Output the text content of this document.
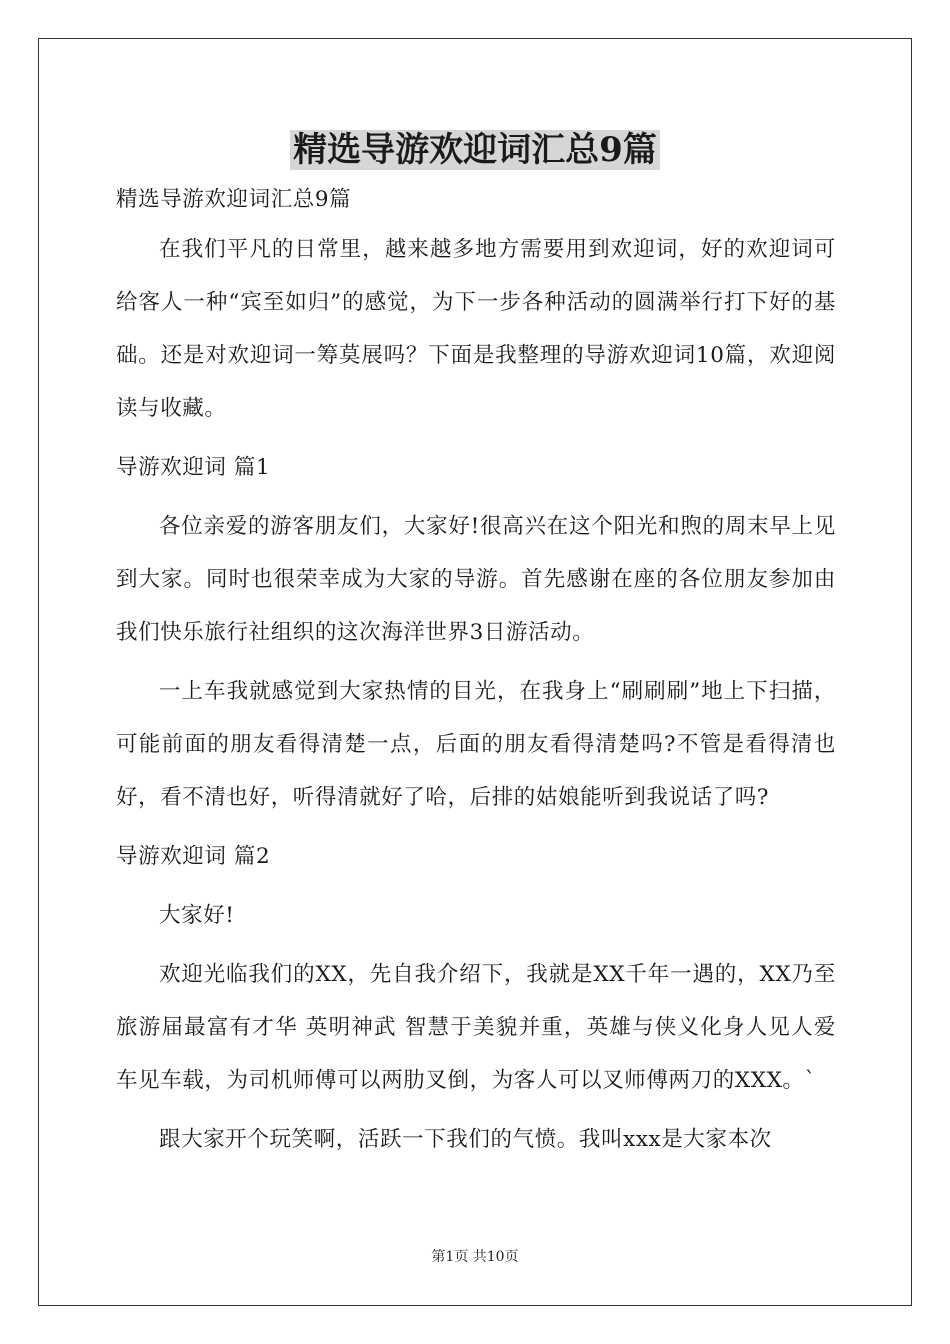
精选导游欢迎词汇总9篇
精选导游欢迎词汇总9篇

在我们平凡的日常里，越来越多地方需要用到欢迎词，好的欢迎词可给客人一种“宾至如归”的感觉，为下一步各种活动的圆满举行打下好的基础。还是对欢迎词一筹莫展吗？下面是我整理的导游欢迎词10篇，欢迎阅读与收藏。

导游欢迎词 篇1

各位亲爱的游客朋友们，大家好!很高兴在这个阳光和煦的周末早上见到大家。同时也很荣幸成为大家的导游。首先感谢在座的各位朋友参加由我们快乐旅行社组织的这次海洋世界3日游活动。

一上车我就感觉到大家热情的目光，在我身上“刷刷刷”地上下扫描，可能前面的朋友看得清楚一点，后面的朋友看得清楚吗?不管是看得清也好，看不清也好，听得清就好了哈，后排的姑娘能听到我说话了吗?

导游欢迎词 篇2

大家好!

欢迎光临我们的XX，先自我介绍下，我就是XX千年一遇的，XX乃至旅游届最富有才华 英明神武 智慧于美貌并重，英雄与侠义化身人见人爱 车见车载，为司机师傅可以两肋叉倒，为客人可以叉师傅两刀的XXX。`

跟大家开个玩笑啊，活跃一下我们的气愤。我叫xxx是大家本次

第1页 共10页
